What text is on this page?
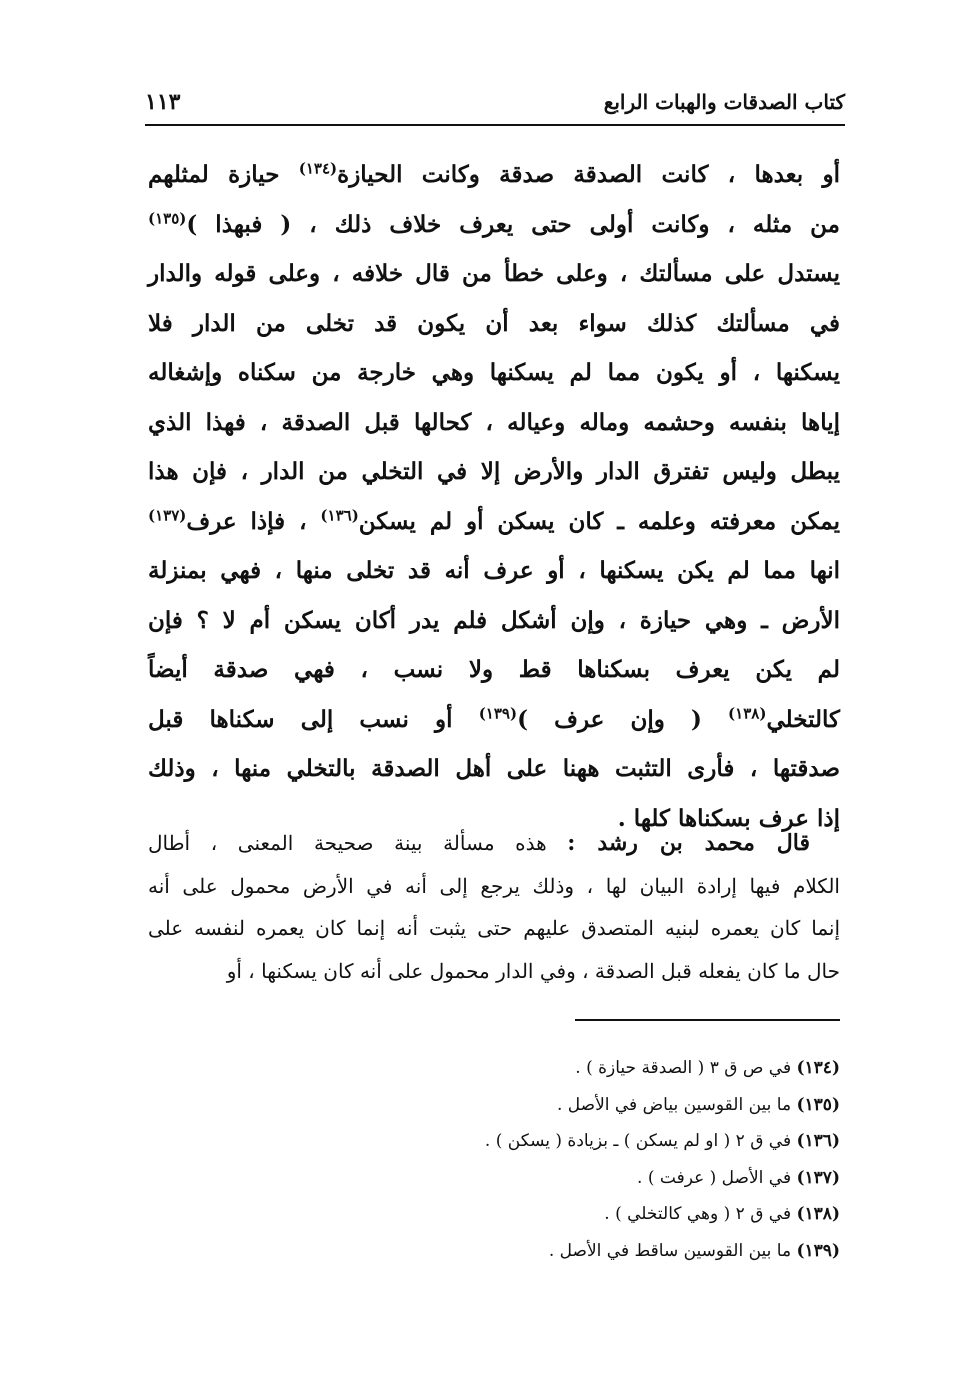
كتاب الصدقات والهبات الرابع
١١٣
أو بعدها ، كانت الصدقة صدقة وكانت الحيازة$^{(١٣٤)}$ حيازة لمثلهم
من مثله ، وكانت أولى حتى يعرف خلاف ذلك ، ( فبهذا )$^{(١٣٥)}$
يستدل على مسألتك ، وعلى خطأ من قال خلافه ، وعلى قوله والدار
في مسألتك كذلك سواء بعد أن يكون قد تخلى من الدار فلا
يسكنها ، أو يكون مما لم يسكنها وهي خارجة من سكناه وإشغاله
إياها بنفسه وحشمه وماله وعياله ، كحالها قبل الصدقة ، فهذا الذي
يبطل وليس تفترق الدار والأرض إلا في التخلي من الدار ، فإن هذا
يمكن معرفته وعلمه ـ كان يسكن أو لم يسكن$^{(١٣٦)}$ ، فإذا عرف$^{(١٣٧)}$
انها مما لم يكن يسكنها ، أو عرف أنه قد تخلى منها ، فهي بمنزلة
الأرض ـ وهي حيازة ، وإن أشكل فلم يدر أكان يسكن أم لا ؟ فإن
لم يكن يعرف بسكناها قط ولا نسب ، فهي صدقة أيضاً
كالتخلي$^{(١٣٨)}$ ( وإن عرف )$^{(١٣٩)}$ أو نسب إلى سكناها قبل
صدقتها ، فأرى التثبت ههنا على أهل الصدقة بالتخلي منها ، وذلك
إذا عرف بسكناها كلها .
قال محمد بن رشد : هذه مسألة بينة صحيحة المعنى ، أطال
الكلام فيها إرادة البيان لها ، وذلك يرجع إلى أنه في الأرض محمول على أنه
إنما كان يعمره لبنيه المتصدق عليهم حتى يثبت أنه إنما كان يعمره لنفسه على
حال ما كان يفعله قبل الصدقة ، وفي الدار محمول على أنه كان يسكنها ، أو
(١٣٤) في ص ق ٣ ( الصدقة حيازة ) .
(١٣٥) ما بين القوسين بياض في الأصل .
(١٣٦) في ق ٢ ( او لم يسكن ) ـ بزيادة ( يسكن ) .
(١٣٧) في الأصل ( عرفت ) .
(١٣٨) في ق ٢ ( وهي كالتخلي ) .
(١٣٩) ما بين القوسين ساقط في الأصل .
